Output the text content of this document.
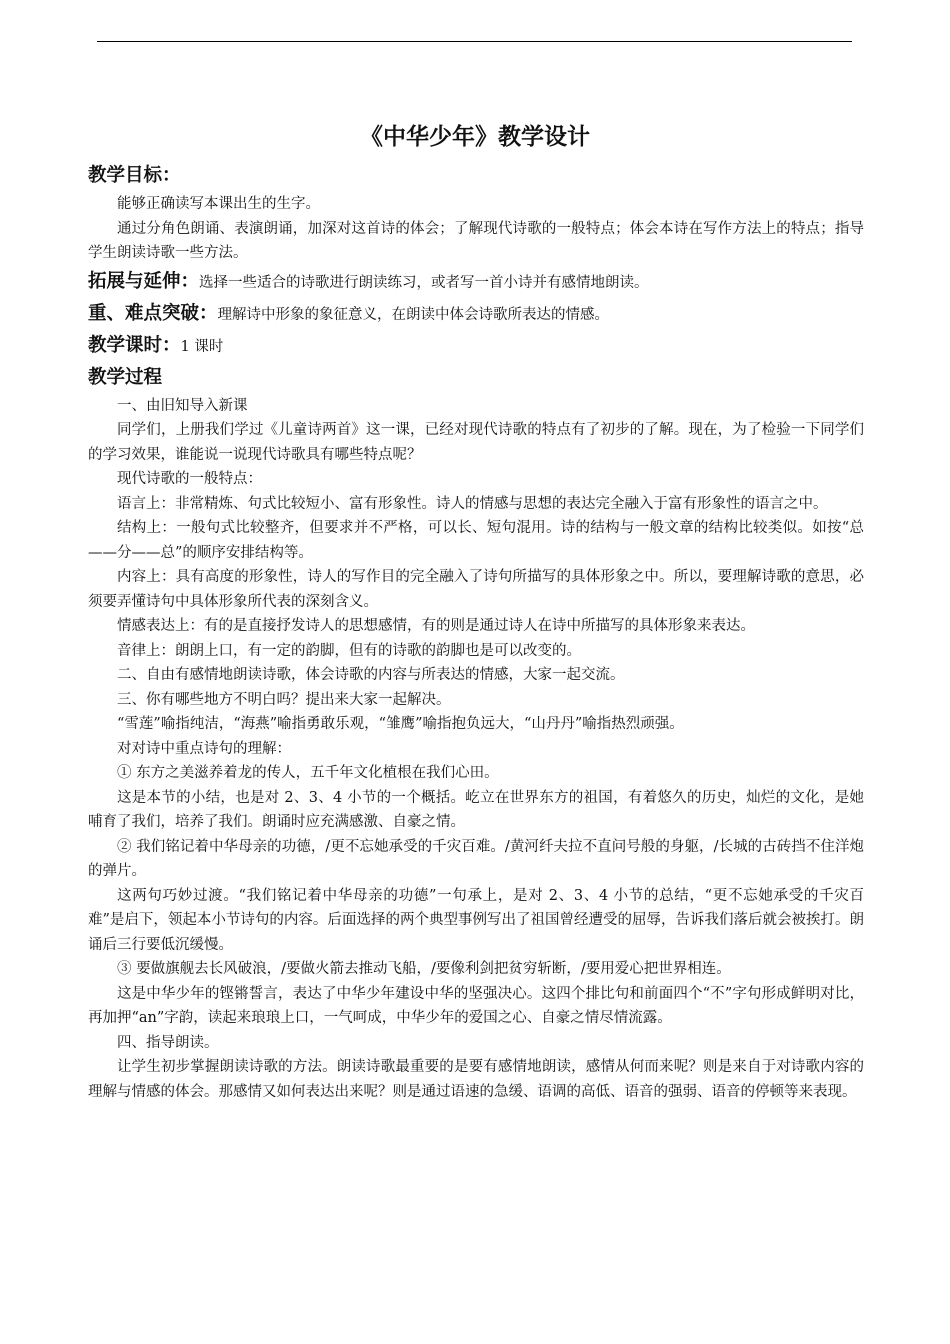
《中华少年》教学设计
教学目标：

能够正确读写本课出生的生字。

通过分角色朗诵、表演朗诵，加深对这首诗的体会；了解现代诗歌的一般特点；体会本诗在写作方法上的特点；指导学生朗读诗歌一些方法。

拓展与延伸： 选择一些适合的诗歌进行朗读练习，或者写一首小诗并有感情地朗读。
重、难点突破： 理解诗中形象的象征意义，在朗读中体会诗歌所表达的情感。
教学课时： 1 课时
教学过程

一、由旧知导入新课

同学们，上册我们学过《儿童诗两首》这一课，已经对现代诗歌的特点有了初步的了解。现在，为了检验一下同学们的学习效果，谁能说一说现代诗歌具有哪些特点呢？

现代诗歌的一般特点：

语言上：非常精炼、句式比较短小、富有形象性。诗人的情感与思想的表达完全融入于富有形象性的语言之中。

结构上：一般句式比较整齐，但要求并不严格，可以长、短句混用。诗的结构与一般文章的结构比较类似。如按“总——分——总”的顺序安排结构等。

内容上：具有高度的形象性，诗人的写作目的完全融入了诗句所描写的具体形象之中。所以，要理解诗歌的意思，必须要弄懂诗句中具体形象所代表的深刻含义。

情感表达上：有的是直接抒发诗人的思想感情，有的则是通过诗人在诗中所描写的具体形象来表达。

音律上：朗朗上口，有一定的韵脚，但有的诗歌的韵脚也是可以改变的。

二、自由有感情地朗读诗歌，体会诗歌的内容与所表达的情感，大家一起交流。

三、你有哪些地方不明白吗？提出来大家一起解决。

“雪莲”喻指纯洁，“海燕”喻指勇敢乐观，“雏鹰”喻指抱负远大，“山丹丹”喻指热烈顽强。

对对诗中重点诗句的理解：

① 东方之美滋养着龙的传人，五千年文化植根在我们心田。

这是本节的小结，也是对 2、3、4 小节的一个概括。屹立在世界东方的祖国，有着悠久的历史，灿烂的文化，是她哺育了我们，培养了我们。朗诵时应充满感激、自豪之情。

② 我们铭记着中华母亲的功德，/更不忘她承受的千灾百难。/黄河纤夫拉不直问号般的身躯，/长城的古砖挡不住洋炮的弹片。

这两句巧妙过渡。“我们铭记着中华母亲的功德”一句承上，是对 2、3、4 小节的总结，“更不忘她承受的千灾百难”是启下，领起本小节诗句的内容。后面选择的两个典型事例写出了祖国曾经遭受的屈辱，告诉我们落后就会被挨打。朗诵后三行要低沉缓慢。

③ 要做旗舰去长风破浪，/要做火箭去推动飞船，/要像利剑把贫穷斩断，/要用爱心把世界相连。

这是中华少年的铿锵誓言，表达了中华少年建设中华的坚强决心。这四个排比句和前面四个“不”字句形成鲜明对比，再加押“an”字韵，读起来琅琅上口，一气呵成，中华少年的爱国之心、自豪之情尽情流露。

四、指导朗读。

让学生初步掌握朗读诗歌的方法。朗读诗歌最重要的是要有感情地朗读，感情从何而来呢？则是来自于对诗歌内容的理解与情感的体会。那感情又如何表达出来呢？则是通过语速的急缓、语调的高低、语音的强弱、语音的停顿等来表现。
